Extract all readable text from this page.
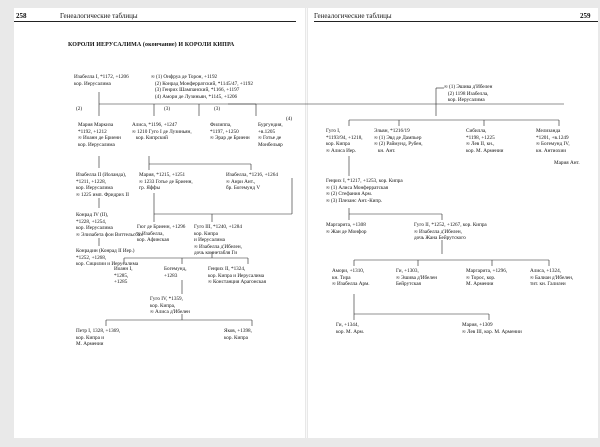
258	Генеалогические таблицы	Генеалогические таблицы	259
КОРОЛИ ИЕРУСАЛИМА (окончание) И КОРОЛИ КИПРА
Изабелла I, *1172, +1206
кор. Иерусалима
∞ (1) Онфруа де Торон, +1192
(2) Конрад Монферратский, *1145/47, +1192
(3) Генрих Шампанский, *1166, +1197
(4) Амори де Лузиньян, *1145, +1206
(2)	(3)	(3)
(4)
Мария Маркиза
*1192, +1212
∞ Иоанн де Бриенн
кор. Иерусалима
Алиса, *1196, +1247
∞ 1210 Гуго I де Лузиньян,
кор. Кипрский
Филиппа,
*1197, +1250
∞ Эрар де Бриенн
Бургундия,
+в.1205
∞ Готье де
Монбельяр
Изабелла II (Иоланда),
*1211, +1228,
кор. Иерусалима
∞ 1225 имп. Фридрих II
Мария, *1215, +1251
∞ 1233 Готье де Бриенн,
гр. Яффы
Изабелла, *1216, +1264
∞ Анри Ант.,
бр. Богемунд V
Конрад IV (II),
*1228, +1254,
кор. Иерусалима
∞ Элизабета фон Виттельсбах
Гюг де Бриенн, +1296
∞ Изабелла,
кор. Афинская
Гуго III, *1240, +1284
кор. Кипра
и Иерусалима
∞ Изабелла д'Ибелен,
дочь коннетабля Ги
Конрадин (Конрад II Иер.)
*1252, +1268,
кор. Сицилии и Иерусалима
Иоанн I,
*1285,
+1285
Богемунд,
+1283
Генрих II, *1324,
кор. Кипра и Иерусалима
∞ Констанция Арагонская
Гуго IV, *1359,
кор. Кипра,
∞ Алиса д'Ибелен
Петр I, 1328, +1369,
кор. Кипра и
М. Армении
Яков, +1398,
кор. Кипра
∞ (1) Эшива д'Ибелен
(2) 1198 Изабелла,
кор. Иерусалима
Гуго I,
*1193/94, +1218,
кор. Кипра
∞ Алиса Иер.
Эльвн, *1216/19
∞ (1) Эвд де Дампьер
∞ (2) Раймунд, Рубен,
кн. Ант.
Сибилла,
*1198, +1225
∞ Лев II, кн.,
кор. М. Армении
Мелизанда
*1201, +в.1249
∞ Богемунд IV,
кн. Антиохии
Мария Ант.
Генрих I, *1217, +1253, кор. Кипра
∞ (1) Алиса Монферратская
∞ (2) Стефания Арм.
∞ (3) Плезанс Ант.-Кипр.
Маргарита, +1308
∞ Жан де Монфор
Гуго II, *1252, +1267, кор. Кипра
∞ Изабелла д'Ибелен,
дочь Жана Бейрутского
Амори, +1310,
кн. Тира
∞ Изабелла Арм.
Ги, +1303,
∞ Эшива д'Ибелен
Бейрутская
Маргарита, +1296,
∞ Торос, кор.
М. Армении
Алиса, +1324,
∞ Балиан д'Ибелен,
тит. кн. Галилеи
Ги, +1344,
кор. М. Арм.
Мария, +1309
∞ Лев III, кор. М. Армении
